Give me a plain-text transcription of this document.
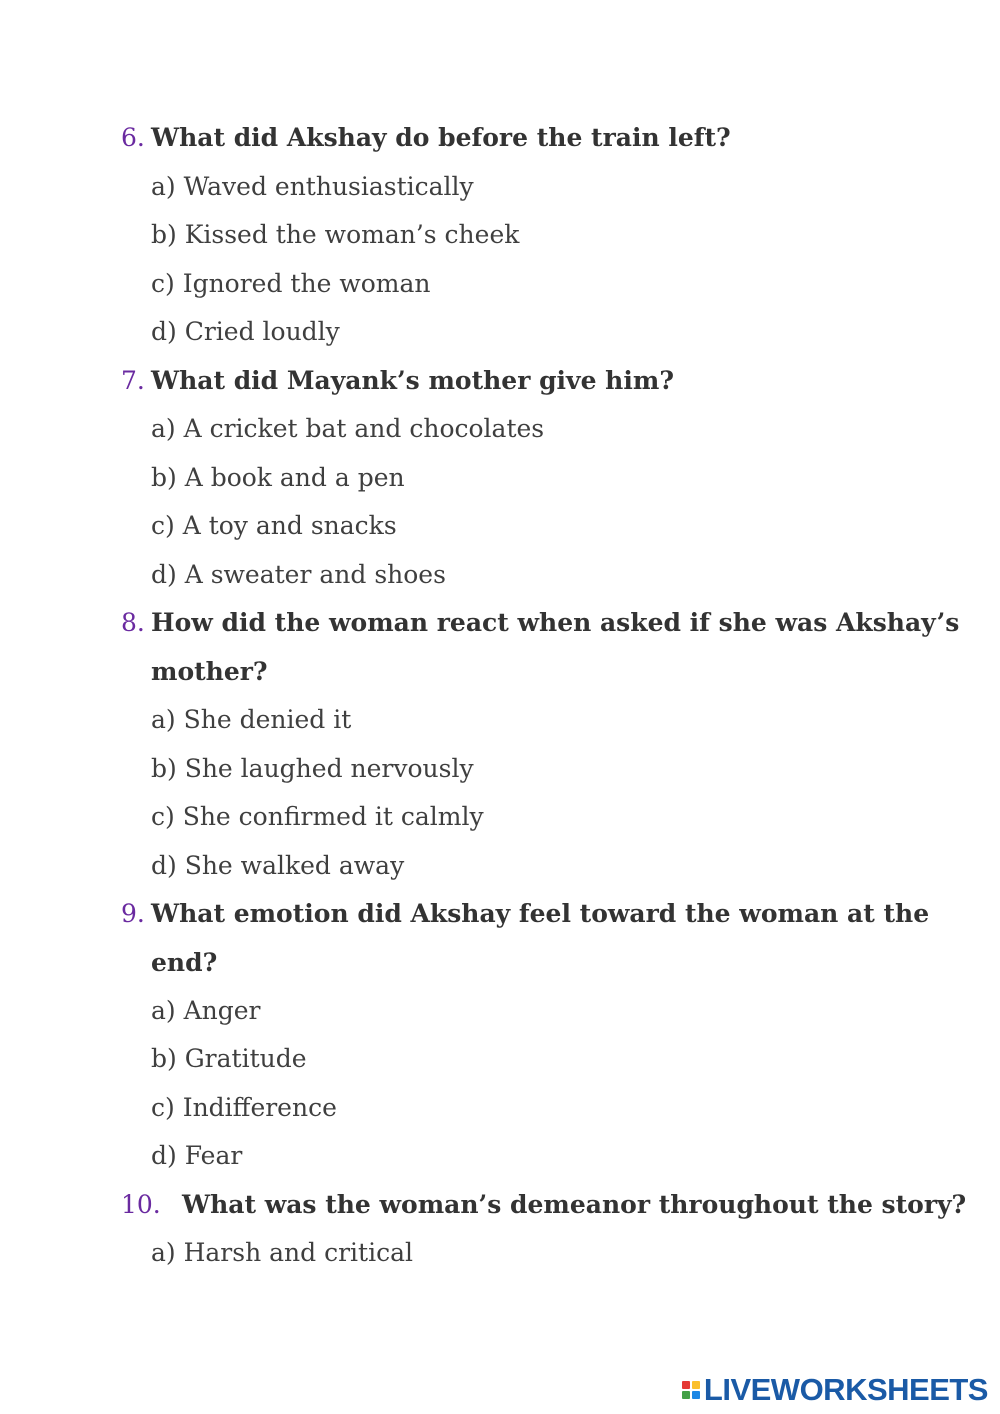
6. What did Akshay do before the train left?
a) Waved enthusiastically
b) Kissed the woman’s cheek
c) Ignored the woman
d) Cried loudly
7. What did Mayank’s mother give him?
a) A cricket bat and chocolates
b) A book and a pen
c) A toy and snacks
d) A sweater and shoes
8. How did the woman react when asked if she was Akshay’s
mother?
a) She denied it
b) She laughed nervously
c) She confirmed it calmly
d) She walked away
9. What emotion did Akshay feel toward the woman at the
end?
a) Anger
b) Gratitude
c) Indifference
d) Fear
10. What was the woman’s demeanor throughout the story?
a) Harsh and critical
LIVEWORKSHEETS
